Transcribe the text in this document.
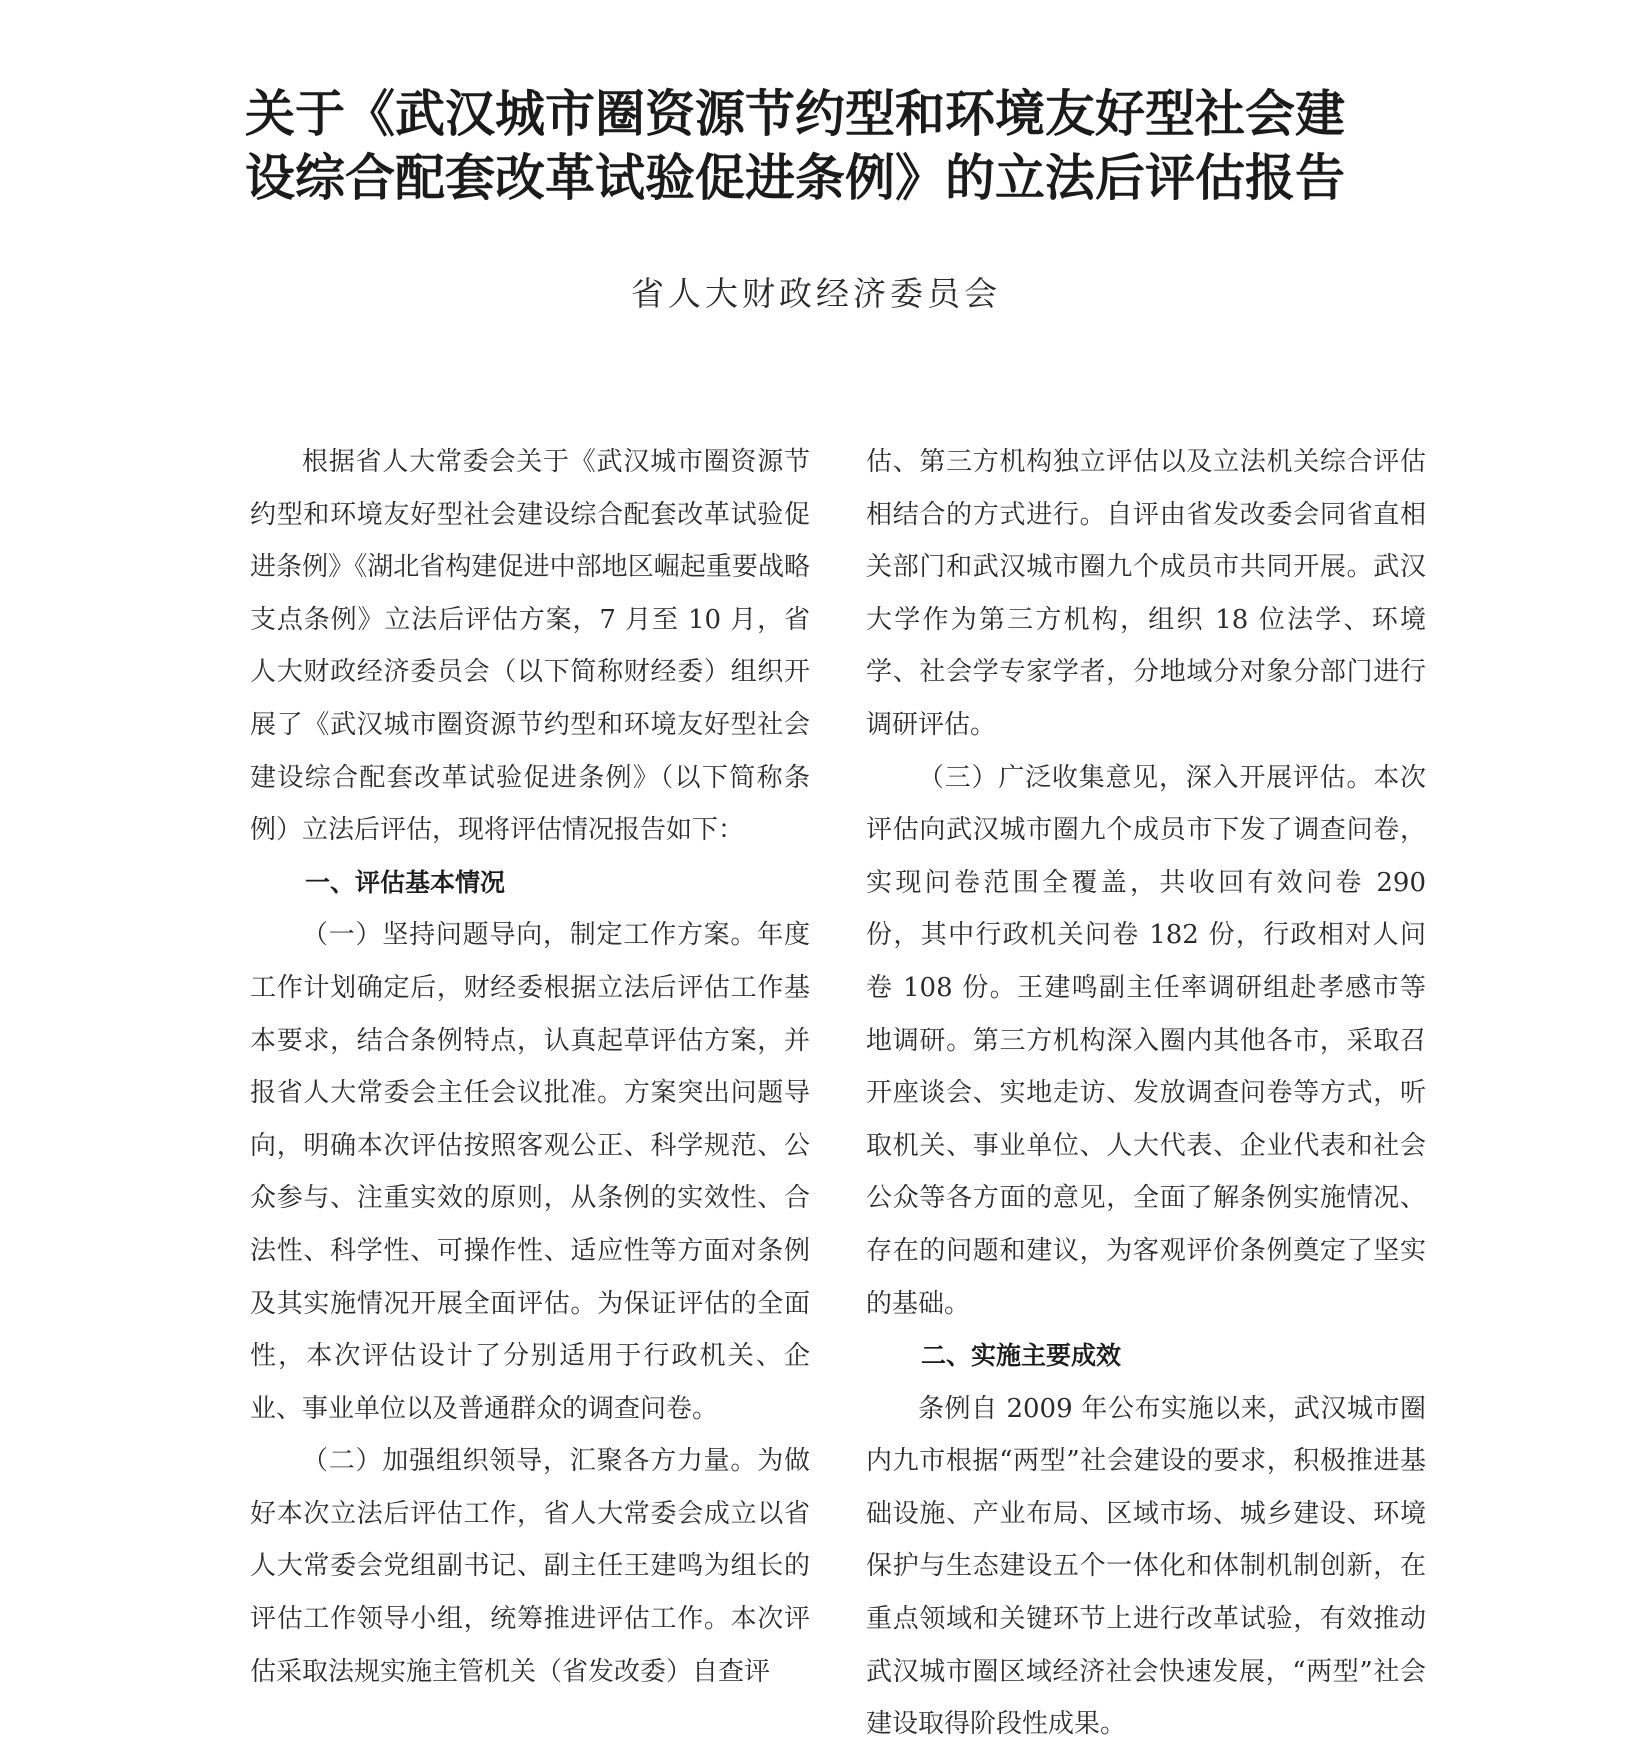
关于《武汉城市圈资源节约型和环境友好型社会建
设综合配套改革试验促进条例》的立法后评估报告
省人大财政经济委员会

根据省人大常委会关于《武汉城市圈资源节约型和环境友好型社会建设综合配套改革试验促进条例》《湖北省构建促进中部地区崛起重要战略支点条例》立法后评估方案，7 月至 10 月，省人大财政经济委员会（以下简称财经委）组织开展了《武汉城市圈资源节约型和环境友好型社会建设综合配套改革试验促进条例》（以下简称条例）立法后评估，现将评估情况报告如下：

一、评估基本情况

（一）坚持问题导向，制定工作方案。年度工作计划确定后，财经委根据立法后评估工作基本要求，结合条例特点，认真起草评估方案，并报省人大常委会主任会议批准。方案突出问题导向，明确本次评估按照客观公正、科学规范、公众参与、注重实效的原则，从条例的实效性、合法性、科学性、可操作性、适应性等方面对条例及其实施情况开展全面评估。为保证评估的全面性，本次评估设计了分别适用于行政机关、企业、事业单位以及普通群众的调查问卷。

（二）加强组织领导，汇聚各方力量。为做好本次立法后评估工作，省人大常委会成立以省人大常委会党组副书记、副主任王建鸣为组长的评估工作领导小组，统筹推进评估工作。本次评估采取法规实施主管机关（省发改委）自查评

估、第三方机构独立评估以及立法机关综合评估相结合的方式进行。自评由省发改委会同省直相关部门和武汉城市圈九个成员市共同开展。武汉大学作为第三方机构，组织 18 位法学、环境学、社会学专家学者，分地域分对象分部门进行调研评估。

（三）广泛收集意见，深入开展评估。本次评估向武汉城市圈九个成员市下发了调查问卷，实现问卷范围全覆盖，共收回有效问卷 290 份，其中行政机关问卷 182 份，行政相对人问卷 108 份。王建鸣副主任率调研组赴孝感市等地调研。第三方机构深入圈内其他各市，采取召开座谈会、实地走访、发放调查问卷等方式，听取机关、事业单位、人大代表、企业代表和社会公众等各方面的意见，全面了解条例实施情况、存在的问题和建议，为客观评价条例奠定了坚实的基础。

二、实施主要成效

条例自 2009 年公布实施以来，武汉城市圈内九市根据“两型”社会建设的要求，积极推进基础设施、产业布局、区域市场、城乡建设、环境保护与生态建设五个一体化和体制机制创新，在重点领域和关键环节上进行改革试验，有效推动武汉城市圈区域经济社会快速发展，“两型”社会建设取得阶段性成果。
